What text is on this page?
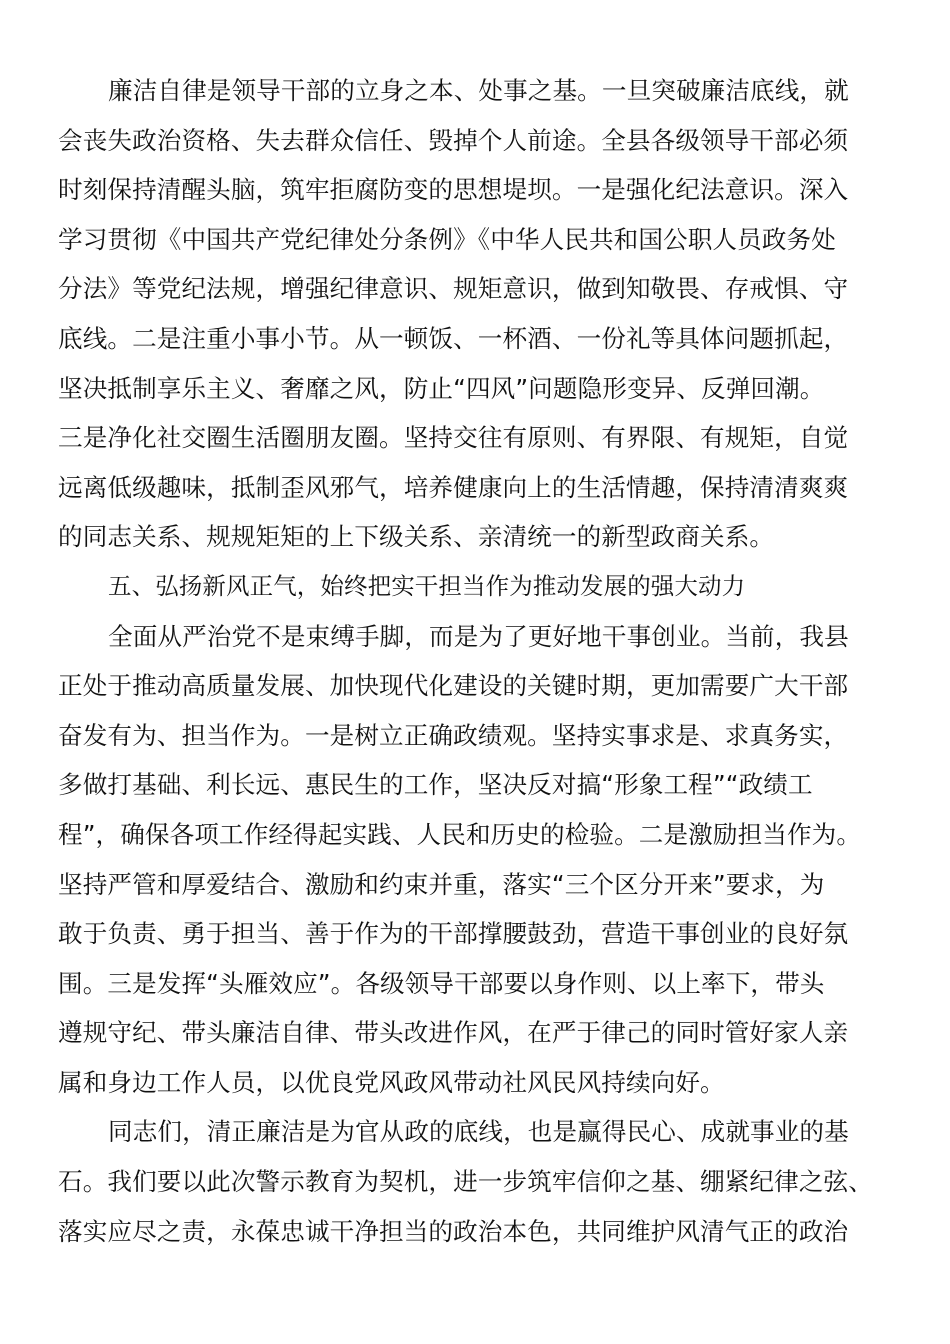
廉洁自律是领导干部的立身之本、处事之基。一旦突破廉洁底线，就
会丧失政治资格、失去群众信任、毁掉个人前途。全县各级领导干部必须
时刻保持清醒头脑，筑牢拒腐防变的思想堤坝。一是强化纪法意识。深入
学习贯彻《中国共产党纪律处分条例》《中华人民共和国公职人员政务处
分法》等党纪法规，增强纪律意识、规矩意识，做到知敬畏、存戒惧、守
底线。二是注重小事小节。从一顿饭、一杯酒、一份礼等具体问题抓起，
坚决抵制享乐主义、奢靡之风，防止“四风”问题隐形变异、反弹回潮。
三是净化社交圈生活圈朋友圈。坚持交往有原则、有界限、有规矩，自觉
远离低级趣味，抵制歪风邪气，培养健康向上的生活情趣，保持清清爽爽
的同志关系、规规矩矩的上下级关系、亲清统一的新型政商关系。
五、弘扬新风正气，始终把实干担当作为推动发展的强大动力
全面从严治党不是束缚手脚，而是为了更好地干事创业。当前，我县
正处于推动高质量发展、加快现代化建设的关键时期，更加需要广大干部
奋发有为、担当作为。一是树立正确政绩观。坚持实事求是、求真务实，
多做打基础、利长远、惠民生的工作，坚决反对搞“形象工程”“政绩工
程”，确保各项工作经得起实践、人民和历史的检验。二是激励担当作为。
坚持严管和厚爱结合、激励和约束并重，落实“三个区分开来”要求，为
敢于负责、勇于担当、善于作为的干部撑腰鼓劲，营造干事创业的良好氛
围。三是发挥“头雁效应”。各级领导干部要以身作则、以上率下，带头
遵规守纪、带头廉洁自律、带头改进作风，在严于律己的同时管好家人亲
属和身边工作人员，以优良党风政风带动社风民风持续向好。
同志们，清正廉洁是为官从政的底线，也是赢得民心、成就事业的基
石。我们要以此次警示教育为契机，进一步筑牢信仰之基、绷紧纪律之弦、
落实应尽之责，永葆忠诚干净担当的政治本色，共同维护风清气正的政治
